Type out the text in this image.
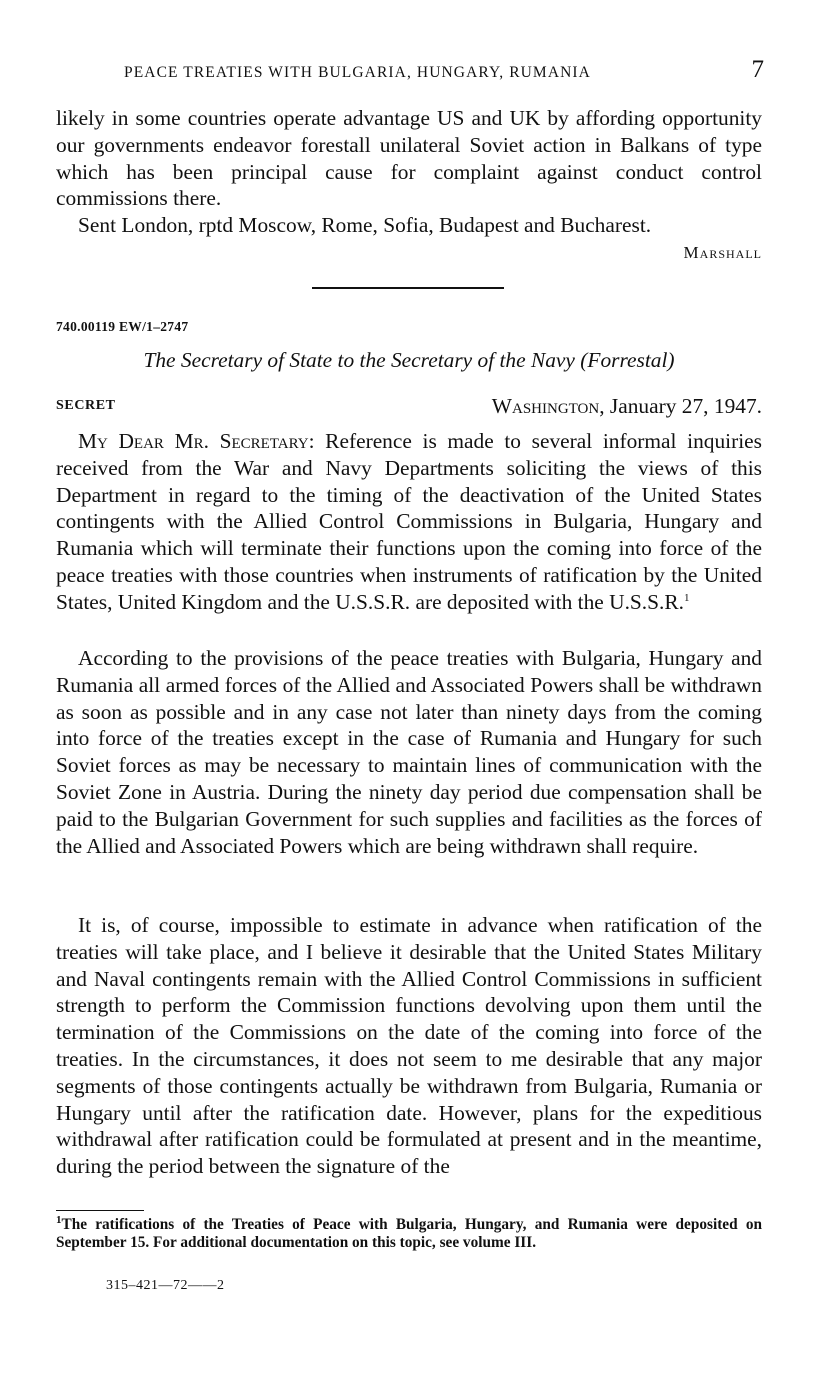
PEACE TREATIES WITH BULGARIA, HUNGARY, RUMANIA	7

likely in some countries operate advantage US and UK by affording opportunity our governments endeavor forestall unilateral Soviet action in Balkans of type which has been principal cause for complaint against conduct control commissions there.

Sent London, rptd Moscow, Rome, Sofia, Budapest and Bucharest.

Marshall
740.00119 EW/1–2747
The Secretary of State to the Secretary of the Navy (Forrestal)
SECRET	Washington, January 27, 1947.

My Dear Mr. Secretary: Reference is made to several informal inquiries received from the War and Navy Departments soliciting the views of this Department in regard to the timing of the deactivation of the United States contingents with the Allied Control Commissions in Bulgaria, Hungary and Rumania which will terminate their functions upon the coming into force of the peace treaties with those countries when instruments of ratification by the United States, United Kingdom and the U.S.S.R. are deposited with the U.S.S.R.$^1$

According to the provisions of the peace treaties with Bulgaria, Hungary and Rumania all armed forces of the Allied and Associated Powers shall be withdrawn as soon as possible and in any case not later than ninety days from the coming into force of the treaties except in the case of Rumania and Hungary for such Soviet forces as may be necessary to maintain lines of communication with the Soviet Zone in Austria. During the ninety day period due compensation shall be paid to the Bulgarian Government for such supplies and facilities as the forces of the Allied and Associated Powers which are being withdrawn shall require.

It is, of course, impossible to estimate in advance when ratification of the treaties will take place, and I believe it desirable that the United States Military and Naval contingents remain with the Allied Control Commissions in sufficient strength to perform the Commission functions devolving upon them until the termination of the Commissions on the date of the coming into force of the treaties. In the circumstances, it does not seem to me desirable that any major segments of those contingents actually be withdrawn from Bulgaria, Rumania or Hungary until after the ratification date. However, plans for the expeditious withdrawal after ratification could be formulated at present and in the meantime, during the period between the signature of the

$^1$The ratifications of the Treaties of Peace with Bulgaria, Hungary, and Rumania were deposited on September 15. For additional documentation on this topic, see volume III.

315–421—72——2
